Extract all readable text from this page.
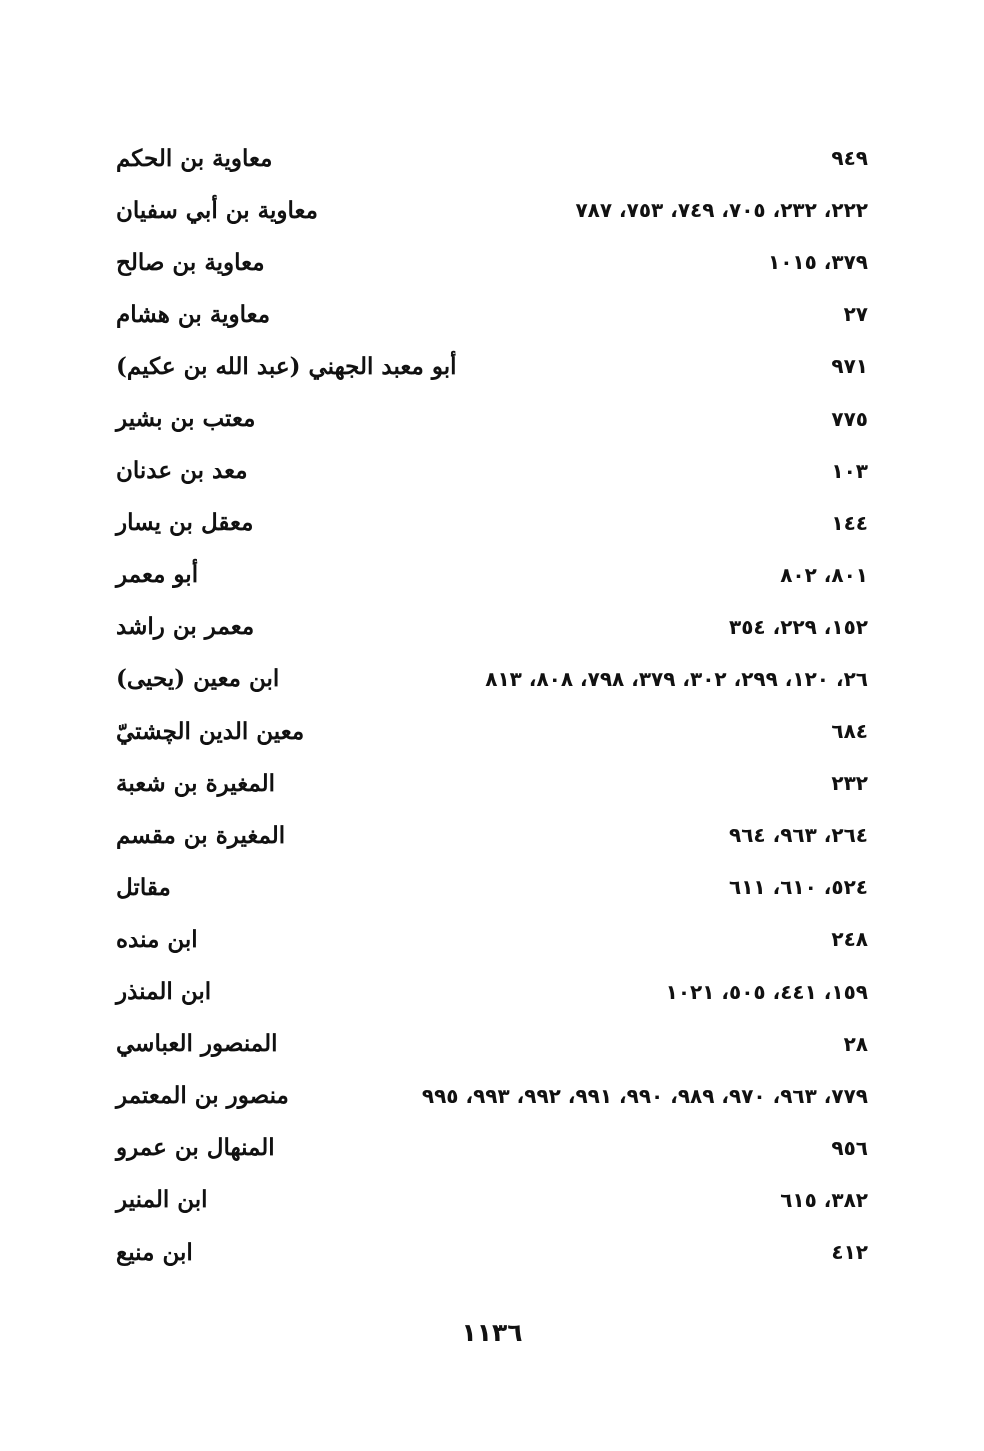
معاوية بن الحكم	٩٤٩
معاوية بن أبي سفيان	٢٢٢، ٢٣٢، ٧٠٥، ٧٤٩، ٧٥٣، ٧٨٧
معاوية بن صالح	٣٧٩، ١٠١٥
معاوية بن هشام	٢٧
أبو معبد الجهني (عبد الله بن عكيم)	٩٧١
معتب بن بشير	٧٧٥
معد بن عدنان	١٠٣
معقل بن يسار	١٤٤
أبو معمر	٨٠١، ٨٠٢
معمر بن راشد	١٥٢، ٢٢٩، ٣٥٤
ابن معين (يحيى)	٢٦، ١٢٠، ٢٩٩، ٣٠٢، ٣٧٩، ٧٩٨، ٨٠٨، ٨١٣
معين الدين الچشتيّ	٦٨٤
المغيرة بن شعبة	٢٣٢
المغيرة بن مقسم	٢٦٤، ٩٦٣، ٩٦٤
مقاتل	٥٢٤، ٦١٠، ٦١١
ابن منده	٢٤٨
ابن المنذر	١٥٩، ٤٤١، ٥٠٥، ١٠٢١
المنصور العباسي	٢٨
منصور بن المعتمر	٧٧٩، ٩٦٣، ٩٧٠، ٩٨٩، ٩٩٠، ٩٩١، ٩٩٢، ٩٩٣، ٩٩٥
المنهال بن عمرو	٩٥٦
ابن المنير	٣٨٢، ٦١٥
ابن منيع	٤١٢
١١٣٦
